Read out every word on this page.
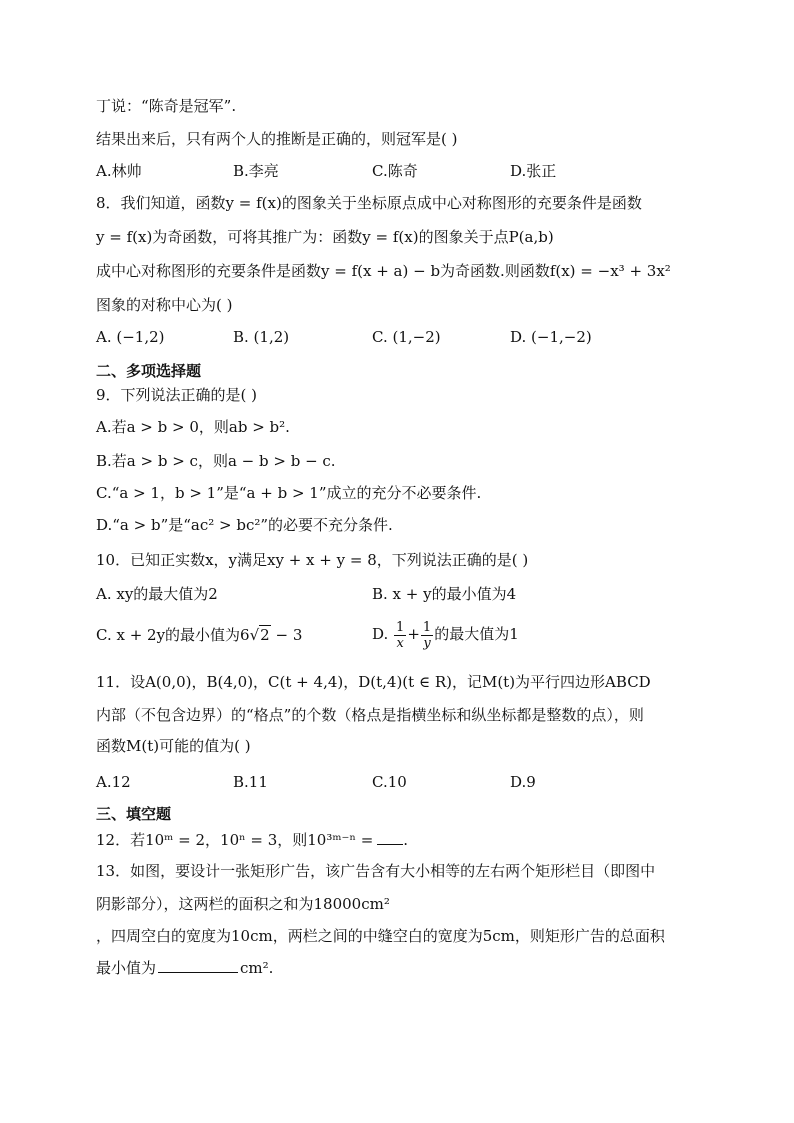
丁说：“陈奇是冠军”.
结果出来后，只有两个人的推断是正确的，则冠军是( )
A.林帅	B.李亮	C.陈奇	D.张正
8．我们知道，函数y = f(x)的图象关于坐标原点成中心对称图形的充要条件是函数
y = f(x)为奇函数，可将其推广为：函数y = f(x)的图象关于点P(a,b)
成中心对称图形的充要条件是函数y = f(x + a) − b为奇函数.则函数f(x) = −x³ + 3x²
图象的对称中心为( )
A. (−1,2)	B. (1,2)	C. (1,−2)	D. (−1,−2)
二、多项选择题
9．下列说法正确的是( )
A.若a > b > 0，则ab > b².
B.若a > b > c，则a − b > b − c.
C.“a > 1，b > 1”是“a + b > 1”成立的充分不必要条件.
D.“a > b”是“ac² > bc²”的必要不充分条件.
10．已知正实数x，y满足xy + x + y = 8，下列说法正确的是( )
A. xy的最大值为2	B. x + y的最小值为4
C. x + 2y的最小值为6√2 − 3	D. $\frac{1}{x} + \frac{1}{y}$ 的最大值为1
11．设A(0,0)，B(4,0)，C(t + 4,4)，D(t,4)(t ∈ R)，记M(t)为平行四边形ABCD
内部（不包含边界）的“格点”的个数（格点是指横坐标和纵坐标都是整数的点），则
函数M(t)可能的值为( )
A.12	B.11	C.10	D.9
三、填空题
12．若10ᵐ = 2，10ⁿ = 3，则10³ᵐ⁻ⁿ = .
13．如图，要设计一张矩形广告，该广告含有大小相等的左右两个矩形栏目（即图中
阴影部分），这两栏的面积之和为18000cm²
，四周空白的宽度为10cm，两栏之间的中缝空白的宽度为5cm，则矩形广告的总面积
最小值为	cm².
